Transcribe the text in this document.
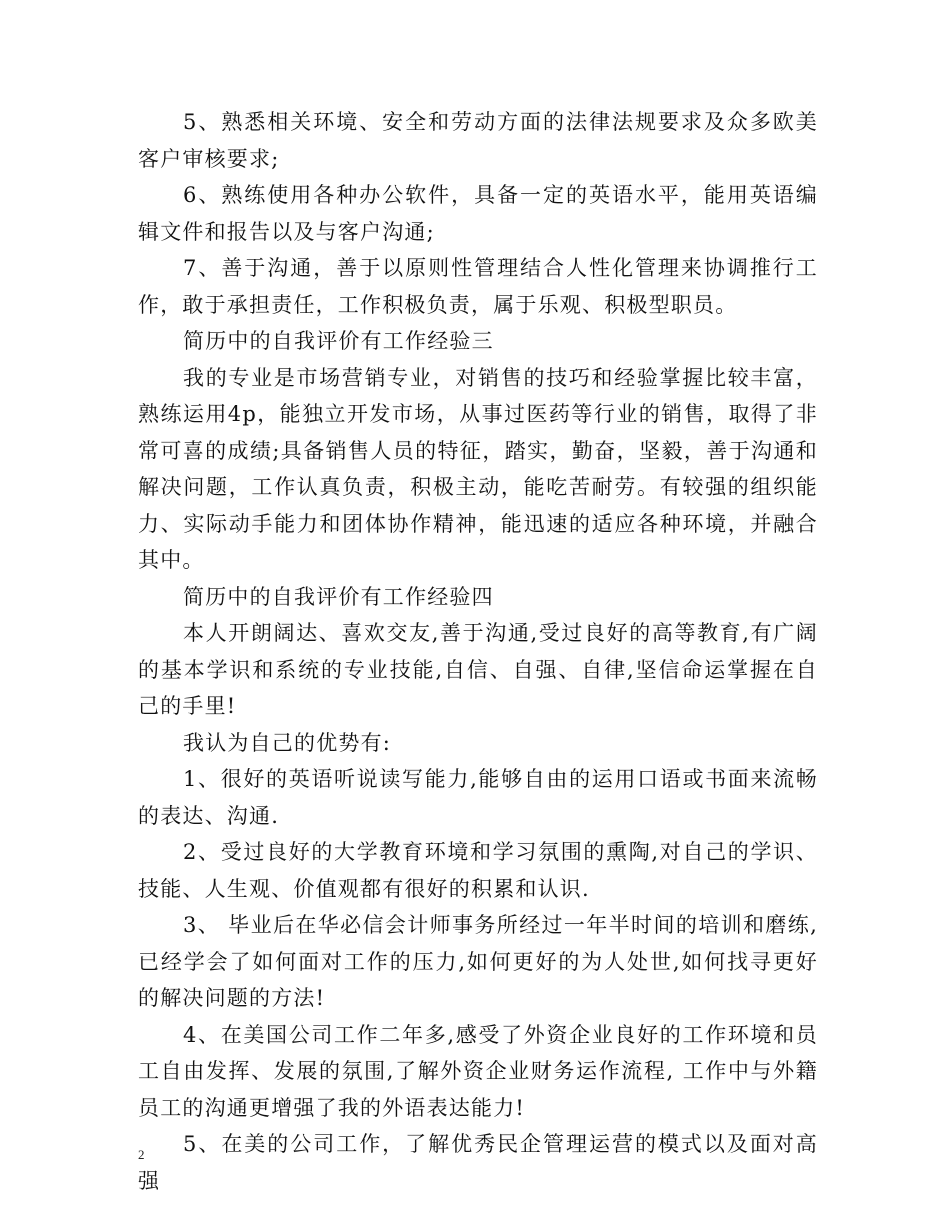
5、熟悉相关环境、安全和劳动方面的法律法规要求及众多欧美客户审核要求;

6、熟练使用各种办公软件，具备一定的英语水平，能用英语编辑文件和报告以及与客户沟通;

7、善于沟通，善于以原则性管理结合人性化管理来协调推行工作，敢于承担责任，工作积极负责，属于乐观、积极型职员。

简历中的自我评价有工作经验三

我的专业是市场营销专业，对销售的技巧和经验掌握比较丰富，熟练运用4p，能独立开发市场，从事过医药等行业的销售，取得了非常可喜的成绩;具备销售人员的特征，踏实，勤奋，坚毅，善于沟通和解决问题，工作认真负责，积极主动，能吃苦耐劳。有较强的组织能力、实际动手能力和团体协作精神，能迅速的适应各种环境，并融合其中。

简历中的自我评价有工作经验四

本人开朗阔达、喜欢交友,善于沟通,受过良好的高等教育,有广阔的基本学识和系统的专业技能,自信、自强、自律,坚信命运掌握在自己的手里!

我认为自己的优势有:

1、很好的英语听说读写能力,能够自由的运用口语或书面来流畅的表达、沟通.

2、受过良好的大学教育环境和学习氛围的熏陶,对自己的学识、技能、人生观、价值观都有很好的积累和认识.

3、 毕业后在华必信会计师事务所经过一年半时间的培训和磨练,已经学会了如何面对工作的压力,如何更好的为人处世,如何找寻更好的解决问题的方法!

4、在美国公司工作二年多,感受了外资企业良好的工作环境和员工自由发挥、发展的氛围,了解外资企业财务运作流程, 工作中与外籍员工的沟通更增强了我的外语表达能力!

5、在美的公司工作，了解优秀民企管理运营的模式以及面对高强

2
